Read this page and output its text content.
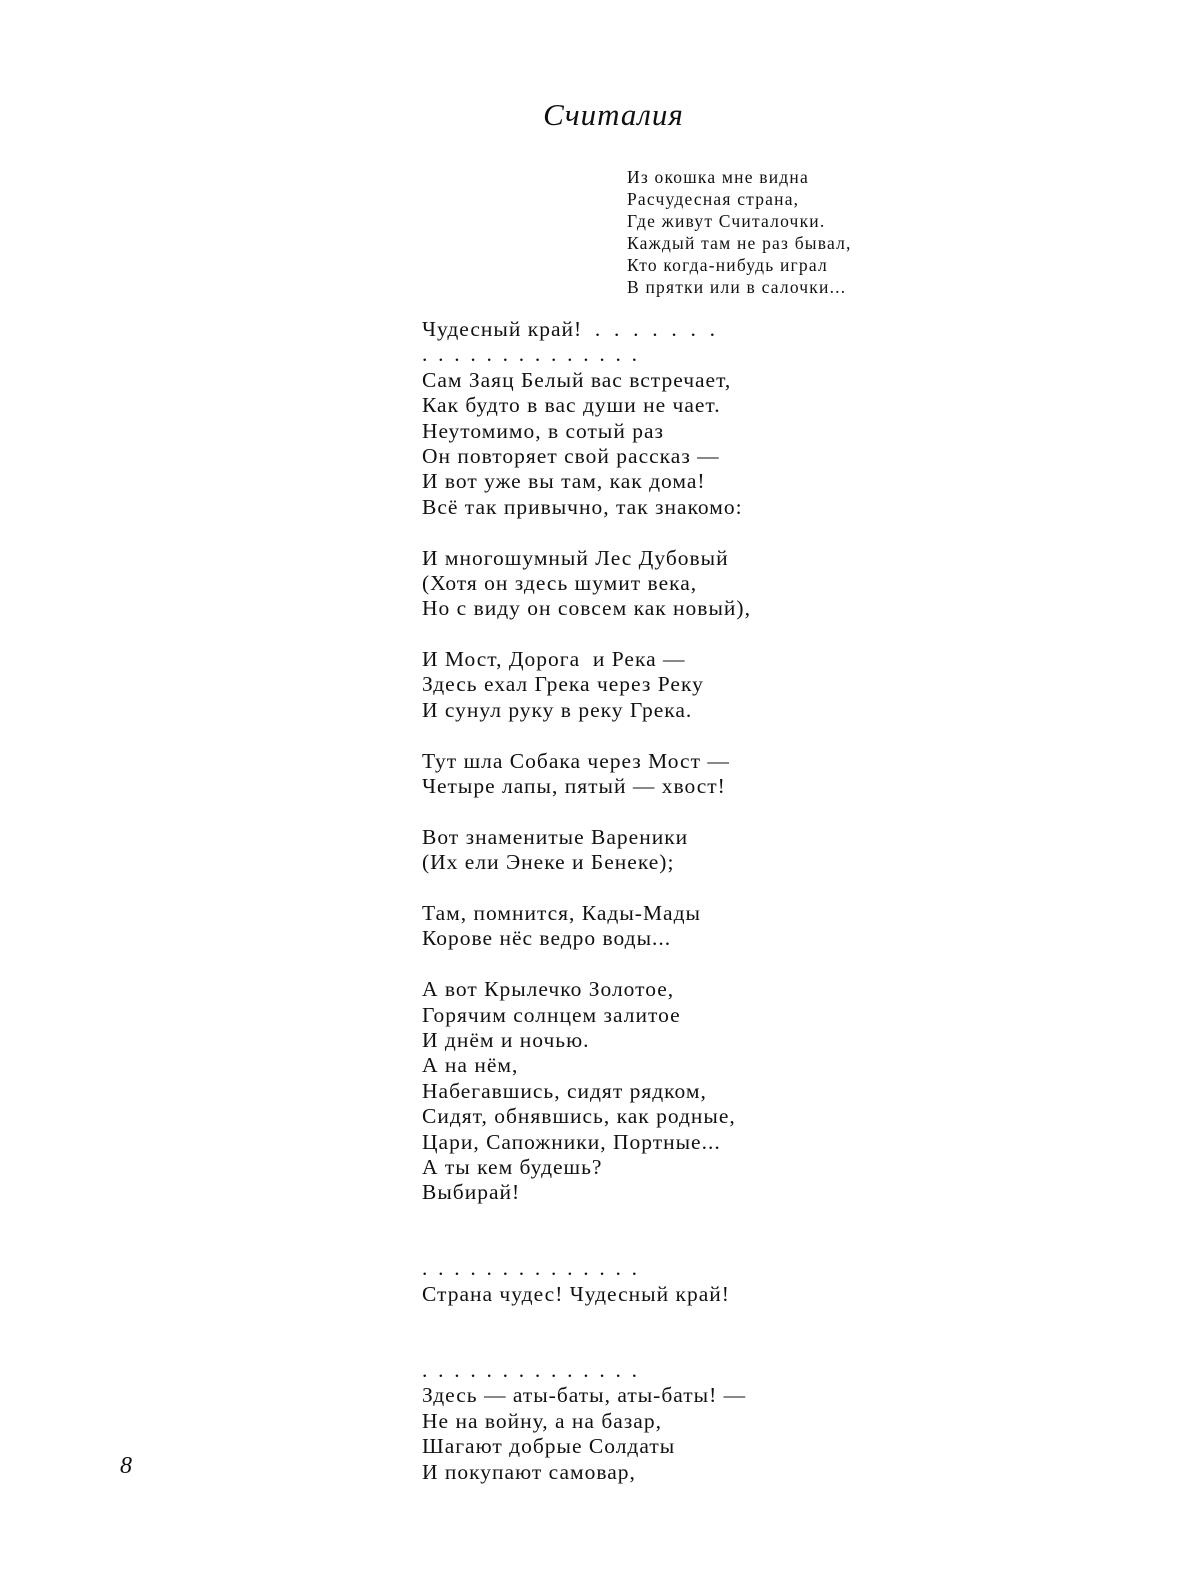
Считалия
Из окошка мне видна
Расчудесная страна,
Где живут Считалочки.
Каждый там не раз бывал,
Кто когда-нибудь играл
В прятки или в салочки...
Чудесный край!  .  .  .  .  .  .  .
.  .  .  .  .  .  .  .  .  .  .  .  .  .
Сам Заяц Белый вас встречает,
Как будто в вас души не чает.
Неутомимо, в сотый раз
Он повторяет свой рассказ —
И вот уже вы там, как дома!
Всё так привычно, так знакомо:
И многошумный Лес Дубовый
(Хотя он здесь шумит века,
Но с виду он совсем как новый),
И Мост, Дорога  и Река —
Здесь ехал Грека через Реку
И сунул руку в реку Грека.
Тут шла Собака через Мост —
Четыре лапы, пятый — хвост!
Вот знаменитые Вареники
(Их ели Энеке и Бенеке);
Там, помнится, Кады-Мады
Корове нёс ведро воды...
А вот Крылечко Золотое,
Горячим солнцем залитое
И днём и ночью.
А на нём,
Набегавшись, сидят рядком,
Сидят, обнявшись, как родные,
Цари, Сапожники, Портные...
А ты кем будешь?
Выбирай!
.  .  .  .  .  .  .  .  .  .  .  .  .  .
Страна чудес! Чудесный край!
.  .  .  .  .  .  .  .  .  .  .  .  .  .
Здесь — аты-баты, аты-баты! —
Не на войну, а на базар,
Шагают добрые Солдаты
И покупают самовар,
8
